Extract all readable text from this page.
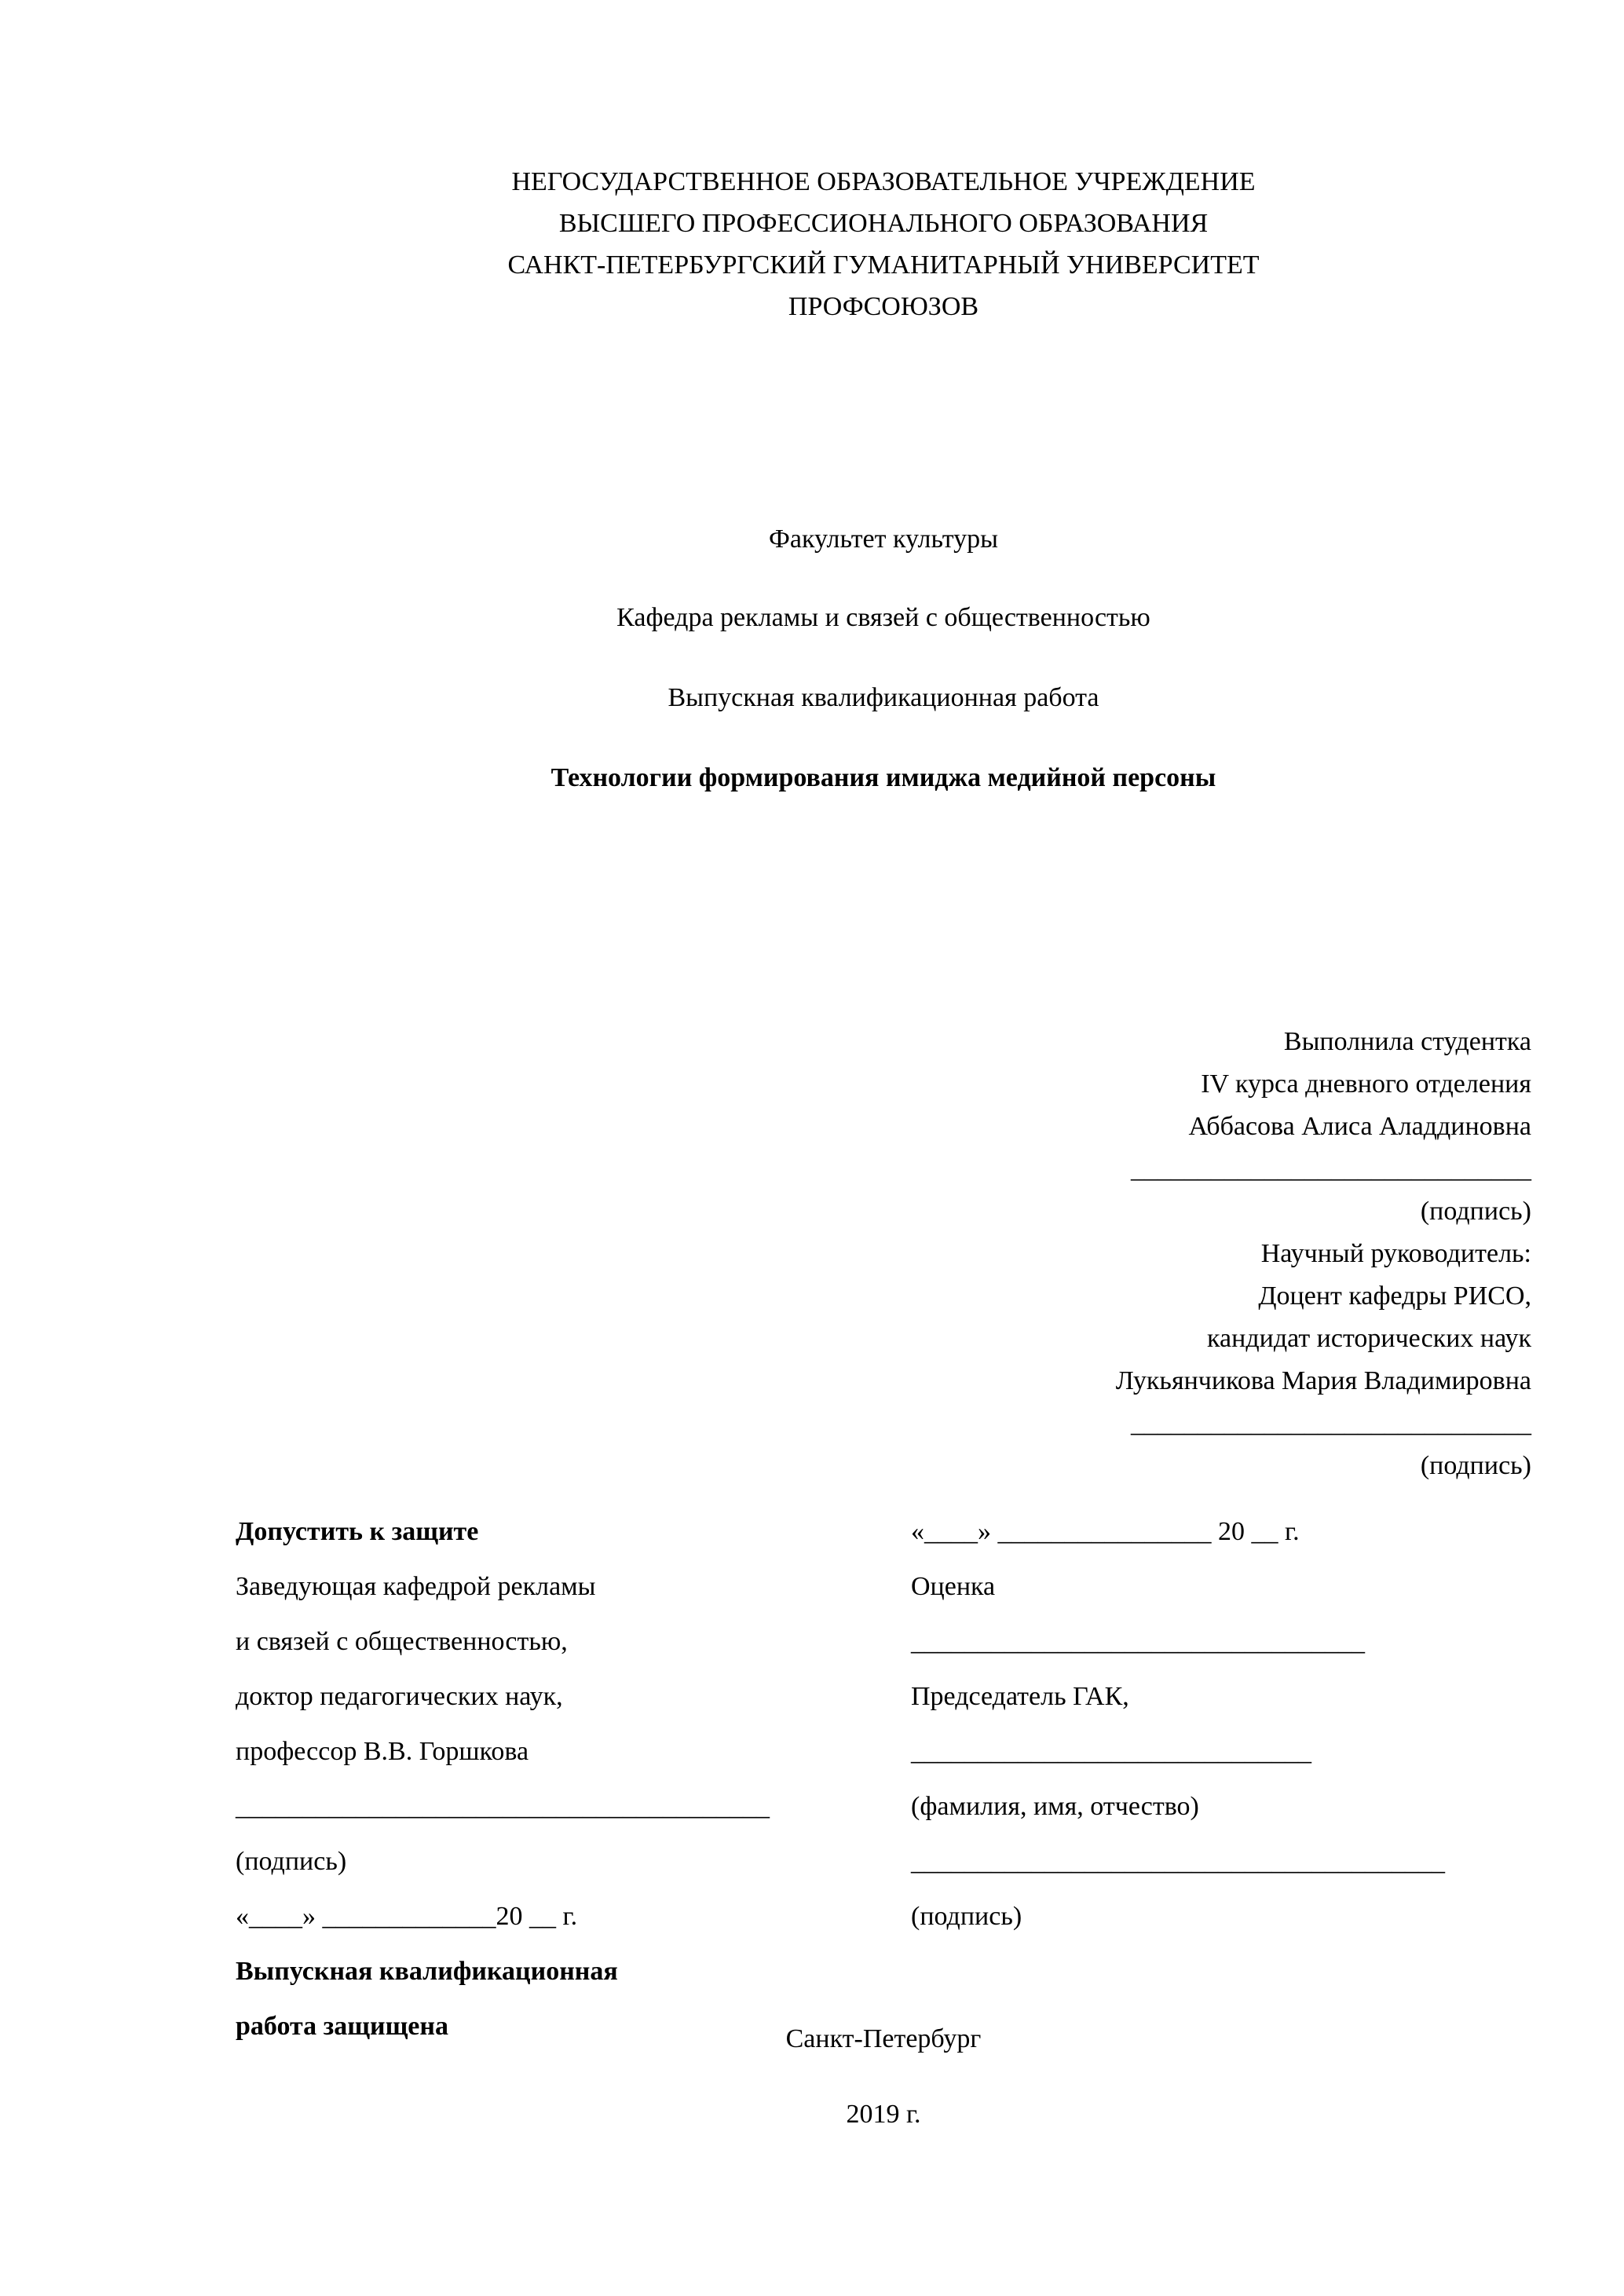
НЕГОСУДАРСТВЕННОЕ ОБРАЗОВАТЕЛЬНОЕ УЧРЕЖДЕНИЕ
ВЫСШЕГО ПРОФЕССИОНАЛЬНОГО ОБРАЗОВАНИЯ
САНКТ-ПЕТЕРБУРГСКИЙ ГУМАНИТАРНЫЙ УНИВЕРСИТЕТ
ПРОФСОЮЗОВ
Факультет культуры
Кафедра рекламы и связей с общественностью
Выпускная квалификационная работа
Технологии формирования имиджа медийной персоны
Выполнила студентка
IV курса дневного отделения
Аббасова Алиса Аладдиновна
______________________________
(подпись)
Научный руководитель:
Доцент кафедры РИСО,
кандидат исторических наук
Лукьянчикова Мария Владимировна
______________________________
(подпись)
Допустить к защите
Заведующая кафедрой рекламы
и связей с общественностью,
доктор педагогических наук,
профессор В.В. Горшкова
________________________________________
(подпись)
«____» _____________20 __ г.
Выпускная квалификационная
работа защищена
«____» ________________ 20 __ г.
Оценка
__________________________________
Председатель ГАК,
______________________________
(фамилия, имя, отчество)
________________________________________
(подпись)
Санкт-Петербург
2019 г.
